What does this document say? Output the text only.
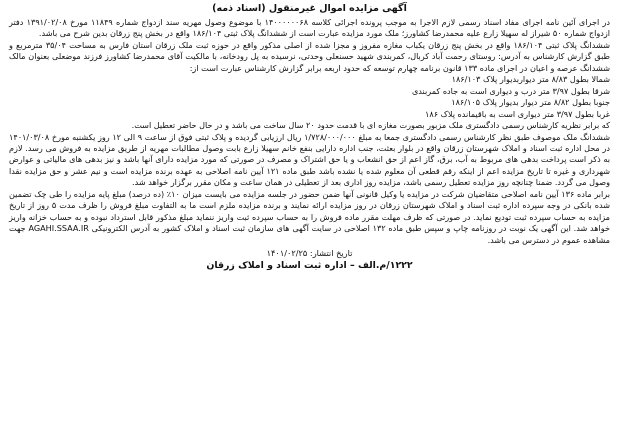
آگهی مزایده اموال غیرمنقول (اسناد ذمه)

در اجرای آئین نامه اجرای مفاد اسناد رسمی لازم الاجرا به موجب پرونده اجرائی کلاسه ۱۴۰۰۰۰۰۰۶۸ با موضوع وصول مهریه سند ازدواج شماره ۱۱۸۴۹ مورخ ۱۳۹۱/۰۲/۰۸ دفتر ازدواج شماره ۵۰ شیراز له سهیلا زارع علیه محمدرضا کشاورز؛ ملک مورد مزایده عبارت است از ششدانگ پلاک ثبتی ۱۸۶/۱۰۴ واقع در بخش پنج زرقان بدین شرح می باشد.

ششدانگ پلاک ثبتی ۱۸۶/۱۰۴ واقع در بخش پنج زرقان یکباب مغازه مفروز و مجزا شده از اصلی مذکور واقع در حوزه ثبت ملک زرقان استان فارس به مساحت ۳۵/۰۴ مترمربع و طبق گزارش کارشناس به آدرس: روستای رحمت آباد کربال، کمربندی شهید حسنعلی وحدتی، نرسیده به پل رودخانه، با مالکیت آقای محمدرضا کشاورز فرزند موضعلی بعنوان مالک ششدانگ عرصه و اعیان در اجرای ماده ۱۳۳ قانون برنامه چهارم توسعه که حدود اربعه برابر گزارش کارشناس عبارت است از:

شمالا بطول ۸/۸۳ متر دیواربدیوار پلاک ۱۸۶/۱۰۳

شرقا بطول ۳/۹۷ متر درب و دیواری است به جاده کمربندی

جنوبا بطول ۸/۸۲ متر دیوار بدیوار پلاک ۱۸۶/۱۰۵

غربا بطول ۳/۹۷ متر دیواری است به باقیمانده پلاک ۱۸۶

که برابر نظریه کارشناس رسمی دادگستری ملک مزبور بصورت مغازه ای با قدمت حدود ۲۰ سال ساخت می باشد و در حال حاضر تعطیل است.

ششدانگ ملک موصوف طبق نظر کارشناس رسمی دادگستری جمعا به مبلغ ۱/۷۲۸/۰۰۰/۰۰۰ ریال ارزیابی گردیده و پلاک ثبتی فوق از ساعت ۹ الی ۱۲ روز یکشنبه مورخ ۱۴۰۱/۰۳/۰۸ در محل اداره ثبت اسناد و املاک شهرستان زرقان واقع در بلوار بعثت، جنب اداره دارایی بنفع خانم سهیلا زارع بابت وصول مطالبات مهریه از طریق مزایده به فروش می رسد. لازم به ذکر است پرداخت بدهی های مربوط به آب، برق، گاز اعم از حق انشعاب و یا حق اشتراک و مصرف در صورتی که مورد مزایده دارای آنها باشد و نیز بدهی های مالیاتی و عوارض شهرداری و غیره تا تاریخ مزایده اعم از اینکه رقم قطعی آن معلوم شده یا نشده باشد طبق ماده ۱۲۱ آیین نامه اصلاحی به عهده برنده مزایده است و نیم عشر و حق مزایده نقدا وصول می گردد. ضمنا چنانچه روز مزایده تعطیل رسمی باشد، مزایده روز اداری بعد از تعطیلی در همان ساعت و مکان مقرر برگزار خواهد شد.

برابر ماده ۱۳۶ آیین نامه اصلاحی متقاضیان شرکت در مزایده یا وکیل قانونی آنها ضمن حضور در جلسه مزایده می بایست میزان ۱۰٪ (ده درصد) مبلغ پایه مزایده را طی چک تضمین شده بانکی در وجه سپرده اداره ثبت اسناد و املاک شهرستان زرقان در روز مزایده ارائه نمایند و برنده مزایده ملزم است ما به التفاوت مبلغ فروش را ظرف مدت ۵ روز از تاریخ مزایده به حساب سپرده ثبت تودیع نماید. در صورتی که ظرف مهلت مقرر ماده فروش را به حساب سپرده ثبت واریز ننماید مبلغ مذکور قابل استرداد نبوده و به حساب خزانه واریز خواهد شد. این آگهی یک نوبت در روزنامه چاپ و سپس طبق ماده ۱۳۲ اصلاحی در سایت آگهی های سازمان ثبت اسناد و املاک کشور به آدرس الکترونیکی AGAHI.SSAA.IR جهت مشاهده عموم در دسترس می باشد.

تاریخ انتشار: ۱۴۰۱/۰۲/۲۵
۱۲۲۲/م.الف – اداره ثبت اسناد و املاک زرقان
